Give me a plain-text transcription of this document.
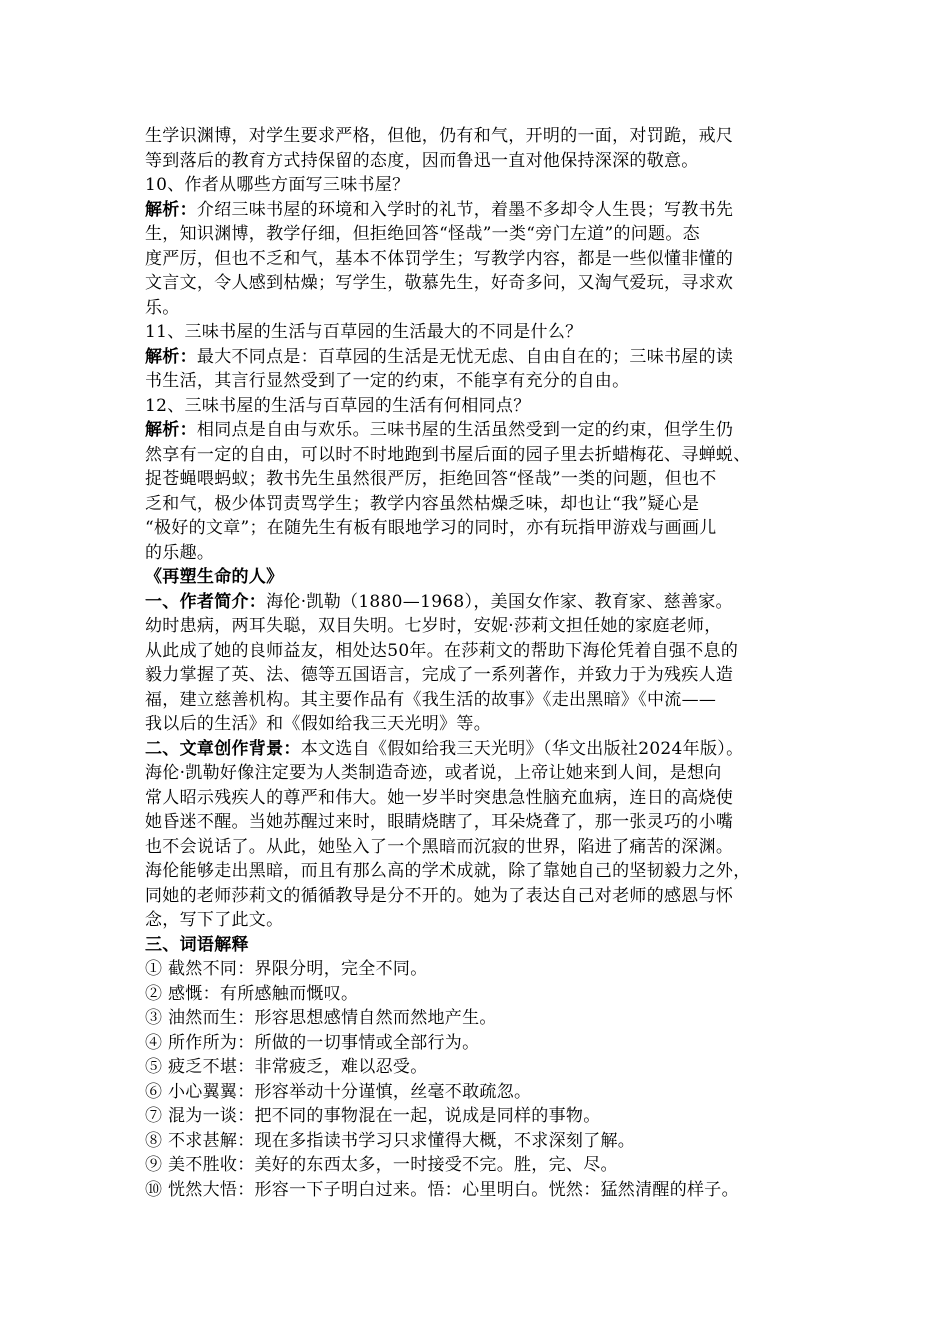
生学识渊博，对学生要求严格，但他，仍有和气，开明的一面，对罚跪，戒尺
等到落后的教育方式持保留的态度，因而鲁迅一直对他保持深深的敬意。
10、作者从哪些方面写三味书屋？
解析：介绍三味书屋的环境和入学时的礼节，着墨不多却令人生畏；写教书先
生，知识渊博，教学仔细，但拒绝回答“怪哉”一类“旁门左道”的问题。态
度严厉，但也不乏和气，基本不体罚学生；写教学内容，都是一些似懂非懂的
文言文，令人感到枯燥；写学生，敬慕先生，好奇多问，又淘气爱玩，寻求欢
乐。
11、三味书屋的生活与百草园的生活最大的不同是什么？
解析：最大不同点是：百草园的生活是无忧无虑、自由自在的；三味书屋的读
书生活，其言行显然受到了一定的约束，不能享有充分的自由。
12、三味书屋的生活与百草园的生活有何相同点？
解析：相同点是自由与欢乐。三味书屋的生活虽然受到一定的约束，但学生仍
然享有一定的自由，可以时不时地跑到书屋后面的园子里去折蜡梅花、寻蝉蜕、
捉苍蝇喂蚂蚁；教书先生虽然很严厉，拒绝回答“怪哉”一类的问题，但也不
乏和气，极少体罚责骂学生；教学内容虽然枯燥乏味，却也让“我”疑心是
“极好的文章”；在随先生有板有眼地学习的同时，亦有玩指甲游戏与画画儿
的乐趣。
《再塑生命的人》
一、作者简介：海伦·凯勒（1880—1968），美国女作家、教育家、慈善家。
幼时患病，两耳失聪，双目失明。七岁时，安妮·莎莉文担任她的家庭老师，
从此成了她的良师益友，相处达50年。在莎莉文的帮助下海伦凭着自强不息的
毅力掌握了英、法、德等五国语言，完成了一系列著作，并致力于为残疾人造
福，建立慈善机构。其主要作品有《我生活的故事》《走出黑暗》《中流——
我以后的生活》和《假如给我三天光明》等。
二、文章创作背景：本文选自《假如给我三天光明》（华文出版社2024年版）。
海伦·凯勒好像注定要为人类制造奇迹，或者说，上帝让她来到人间，是想向
常人昭示残疾人的尊严和伟大。她一岁半时突患急性脑充血病，连日的高烧使
她昏迷不醒。当她苏醒过来时，眼睛烧瞎了，耳朵烧聋了，那一张灵巧的小嘴
也不会说话了。从此，她坠入了一个黑暗而沉寂的世界，陷进了痛苦的深渊。
海伦能够走出黑暗，而且有那么高的学术成就，除了靠她自己的坚韧毅力之外，
同她的老师莎莉文的循循教导是分不开的。她为了表达自己对老师的感恩与怀
念，写下了此文。
三、词语解释
① 截然不同：界限分明，完全不同。
② 感慨：有所感触而慨叹。
③ 油然而生：形容思想感情自然而然地产生。
④ 所作所为：所做的一切事情或全部行为。
⑤ 疲乏不堪：非常疲乏，难以忍受。
⑥ 小心翼翼：形容举动十分谨慎，丝毫不敢疏忽。
⑦ 混为一谈：把不同的事物混在一起，说成是同样的事物。
⑧ 不求甚解：现在多指读书学习只求懂得大概，不求深刻了解。
⑨ 美不胜收：美好的东西太多，一时接受不完。胜，完、尽。
⑩ 恍然大悟：形容一下子明白过来。悟：心里明白。恍然：猛然清醒的样子。
